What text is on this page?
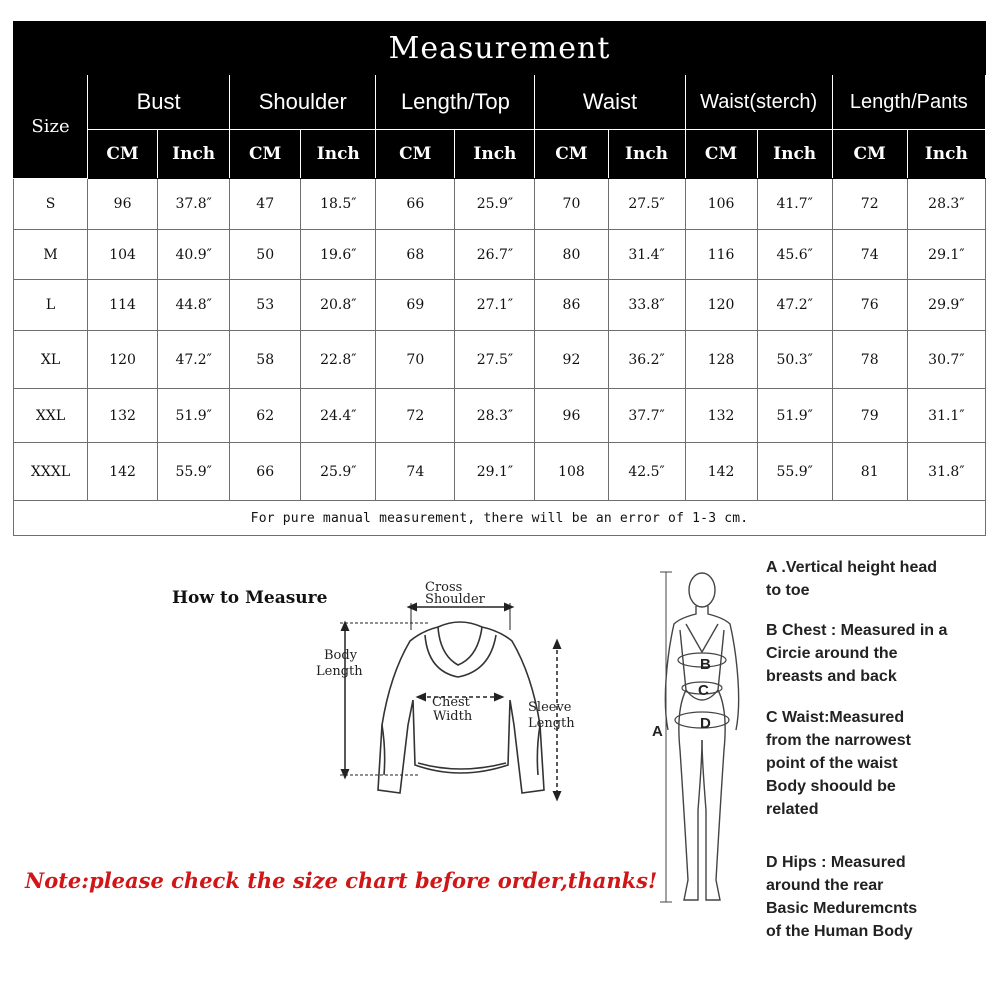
Measurement												
Size	Bust		Shoulder		Length/Top		Waist		Waist(sterch)		Length/Pants	
	CM	Inch	CM	Inch	CM	Inch	CM	Inch	CM	Inch	CM	Inch
S	96	37.8″	47	18.5″	66	25.9″	70	27.5″	106	41.7″	72	28.3″
M	104	40.9″	50	19.6″	68	26.7″	80	31.4″	116	45.6″	74	29.1″
L	114	44.8″	53	20.8″	69	27.1″	86	33.8″	120	47.2″	76	29.9″
XL	120	47.2″	58	22.8″	70	27.5″	92	36.2″	128	50.3″	78	30.7″
XXL	132	51.9″	62	24.4″	72	28.3″	96	37.7″	132	51.9″	79	31.1″
XXXL	142	55.9″	66	25.9″	74	29.1″	108	42.5″	142	55.9″	81	31.8″
For pure manual measurement, there will be an error of 1-3 cm.												
How to Measure
Cross
Shoulder
Body
Length
Chest
Width
Sleeve
Length
Note:please check the size chart before order,thanks!
A
B
C
D
A .Vertical height head
to toe
B Chest : Measured in a
Circie around the
breasts and back
C Waist:Measured
from the narrowest
point of the waist
Body shoould be
related
D Hips : Measured
around the rear
Basic Meduremcnts
of the Human Body
